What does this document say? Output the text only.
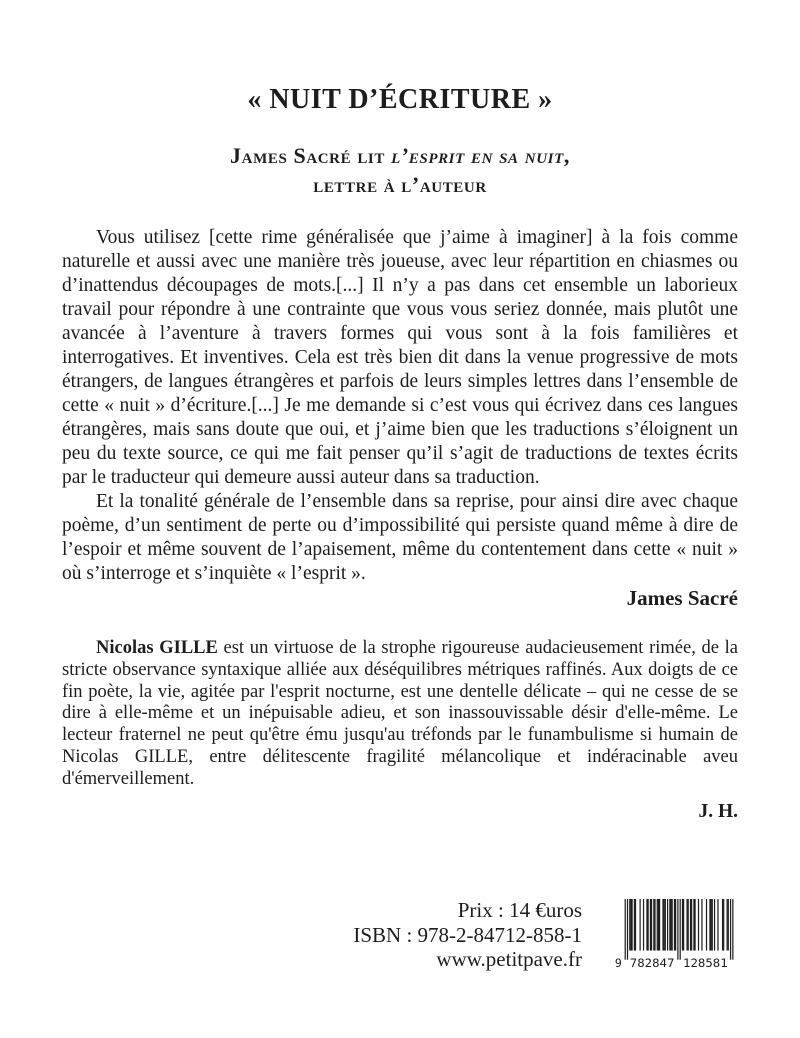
« NUIT D’ÉCRITURE »
James Sacré lit l’esprit en sa nuit,
lettre à l’auteur

Vous utilisez [cette rime généralisée que j’aime à imaginer] à la fois comme naturelle et aussi avec une manière très joueuse, avec leur répartition en chiasmes ou d’inattendus découpages de mots.[...] Il n’y a pas dans cet ensemble un laborieux travail pour répondre à une contrainte que vous vous seriez donnée, mais plutôt une avancée à l’aventure à travers formes qui vous sont à la fois familières et interrogatives. Et inventives. Cela est très bien dit dans la venue progressive de mots étrangers, de langues étrangères et parfois de leurs simples lettres dans l’ensemble de cette « nuit » d’écriture.[...] Je me demande si c’est vous qui écrivez dans ces langues étrangères, mais sans doute que oui, et j’aime bien que les traductions s’éloignent un peu du texte source, ce qui me fait penser qu’il s’agit de traductions de textes écrits par le traducteur qui demeure aussi auteur dans sa traduction.

Et la tonalité générale de l’ensemble dans sa reprise, pour ainsi dire avec chaque poème, d’un sentiment de perte ou d’impossibilité qui persiste quand même à dire de l’espoir et même souvent de l’apaisement, même du contentement dans cette « nuit » où s’interroge et s’inquiète « l’esprit ».

James Sacré

Nicolas GILLE est un virtuose de la strophe rigoureuse audacieusement rimée, de la stricte observance syntaxique alliée aux déséquilibres métriques raffinés. Aux doigts de ce fin poète, la vie, agitée par l'esprit nocturne, est une dentelle délicate – qui ne cesse de se dire à elle-même et un inépuisable adieu, et son inassouvissable désir d'elle-même. Le lecteur fraternel ne peut qu'être ému jusqu'au tréfonds par le funambulisme si humain de Nicolas GILLE, entre délitescente fragilité mélancolique et indéracinable aveu d'émerveillement.

J. H.

Prix : 14 €uros
ISBN : 978-2-84712-858-1
www.petitpave.fr	9 782847 128581
